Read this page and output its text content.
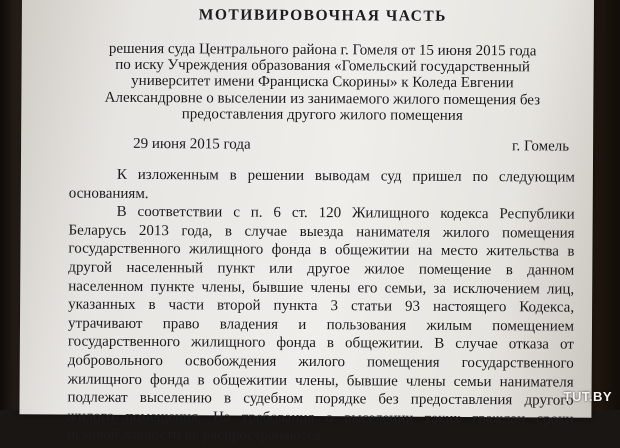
МОТИВИРОВОЧНАЯ ЧАСТЬ
решения суда Центрального района г. Гомеля от 15 июня 2015 года
по иску Учреждения образования «Гомельский государственный
университет имени Франциска Скорины» к Коледа Евгении
Александровне о выселении из занимаемого жилого помещения без
предоставления другого жилого помещения
29 июня 2015 года	г. Гомель
К изложенным в решении выводам суд пришел по следующим
основаниям.
В соответствии с п. 6 ст. 120 Жилищного кодекса Республики
Беларусь 2013 года, в случае выезда нанимателя жилого помещения
государственного жилищного фонда в общежитии на место жительства в
другой населенный пункт или другое жилое помещение в данном
населенном пункте члены, бывшие члены его семьи, за исключением лиц,
указанных в части второй пункта 3 статьи 93 настоящего Кодекса,
утрачивают право владения и пользования жилым помещением
государственного жилищного фонда в общежитии. В случае отказа от
добровольного освобождения жилого помещения государственного
жилищного фонда в общежитии члены, бывшие члены семьи нанимателя
подлежат выселению в судебном порядке без предоставления другого
жилого помещения. На требования о выселении таких граждан сроки
исковой давности не распространяются.
TUT.BY
